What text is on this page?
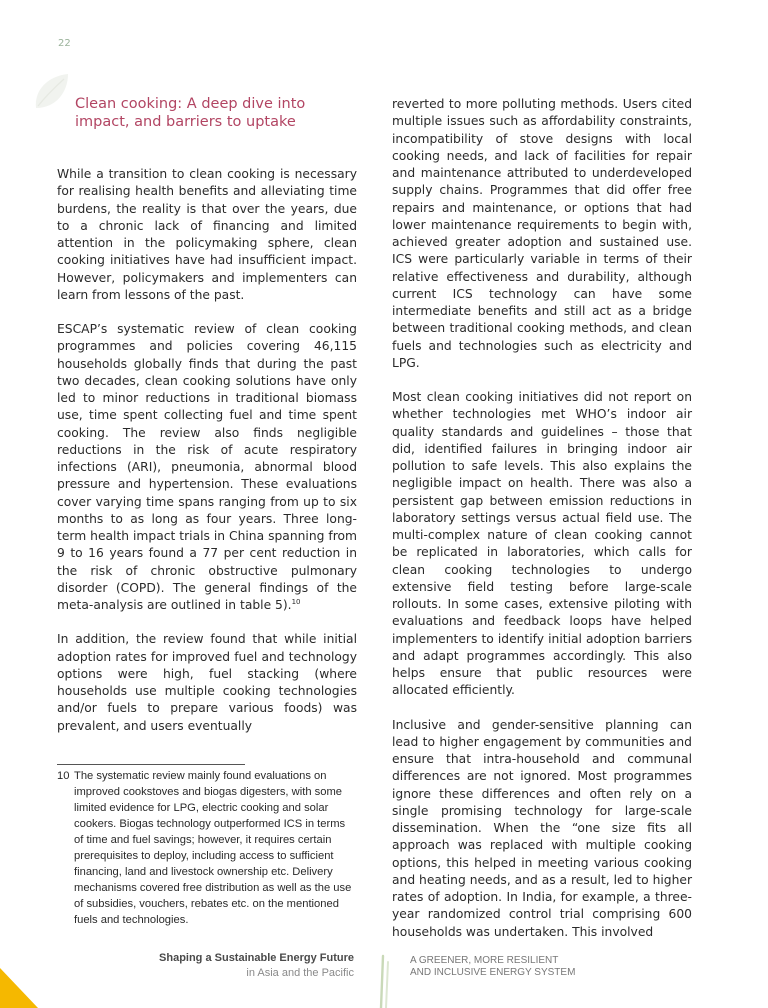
22
Clean cooking: A deep dive into impact, and barriers to uptake

While a transition to clean cooking is necessary for realising health benefits and alleviating time burdens, the reality is that over the years, due to a chronic lack of financing and limited attention in the policymaking sphere, clean cooking initiatives have had insufficient impact. However, policymakers and implementers can learn from lessons of the past.

ESCAP’s systematic review of clean cooking programmes and policies covering 46,115 households globally finds that during the past two decades, clean cooking solutions have only led to minor reductions in traditional biomass use, time spent collecting fuel and time spent cooking. The review also finds negligible reductions in the risk of acute respiratory infections (ARI), pneumonia, abnormal blood pressure and hypertension. These evaluations cover varying time spans ranging from up to six months to as long as four years. Three long-term health impact trials in China spanning from 9 to 16 years found a 77 per cent reduction in the risk of chronic obstructive pulmonary disorder (COPD). The general findings of the meta-analysis are outlined in table 5).$^{10}$

In addition, the review found that while initial adoption rates for improved fuel and technology options were high, fuel stacking (where households use multiple cooking technologies and/or fuels to prepare various foods) was prevalent, and users eventually

reverted to more polluting methods. Users cited multiple issues such as affordability constraints, incompatibility of stove designs with local cooking needs, and lack of facilities for repair and maintenance attributed to underdeveloped supply chains. Programmes that did offer free repairs and maintenance, or options that had lower maintenance requirements to begin with, achieved greater adoption and sustained use. ICS were particularly variable in terms of their relative effectiveness and durability, although current ICS technology can have some intermediate benefits and still act as a bridge between traditional cooking methods, and clean fuels and technologies such as electricity and LPG.

Most clean cooking initiatives did not report on whether technologies met WHO’s indoor air quality standards and guidelines – those that did, identified failures in bringing indoor air pollution to safe levels. This also explains the negligible impact on health. There was also a persistent gap between emission reductions in laboratory settings versus actual field use. The multi-complex nature of clean cooking cannot be replicated in laboratories, which calls for clean cooking technologies to undergo extensive field testing before large-scale rollouts. In some cases, extensive piloting with evaluations and feedback loops have helped implementers to identify initial adoption barriers and adapt programmes accordingly. This also helps ensure that public resources were allocated efficiently.

Inclusive and gender-sensitive planning can lead to higher engagement by communities and ensure that intra-household and communal differences are not ignored. Most programmes ignore these differences and often rely on a single promising technology for large-scale dissemination. When the “one size fits all approach was replaced with multiple cooking options, this helped in meeting various cooking and heating needs, and as a result, led to higher rates of adoption. In India, for example, a three-year randomized control trial comprising 600 households was undertaken. This involved

10 The systematic review mainly found evaluations on improved cookstoves and biogas digesters, with some limited evidence for LPG, electric cooking and solar cookers. Biogas technology outperformed ICS in terms of time and fuel savings; however, it requires certain prerequisites to deploy, including access to sufficient financing, land and livestock ownership etc. Delivery mechanisms covered free distribution as well as the use of subsidies, vouchers, rebates etc. on the mentioned fuels and technologies.
Shaping a Sustainable Energy Future
in Asia and the Pacific
A GREENER, MORE RESILIENT
AND INCLUSIVE ENERGY SYSTEM
